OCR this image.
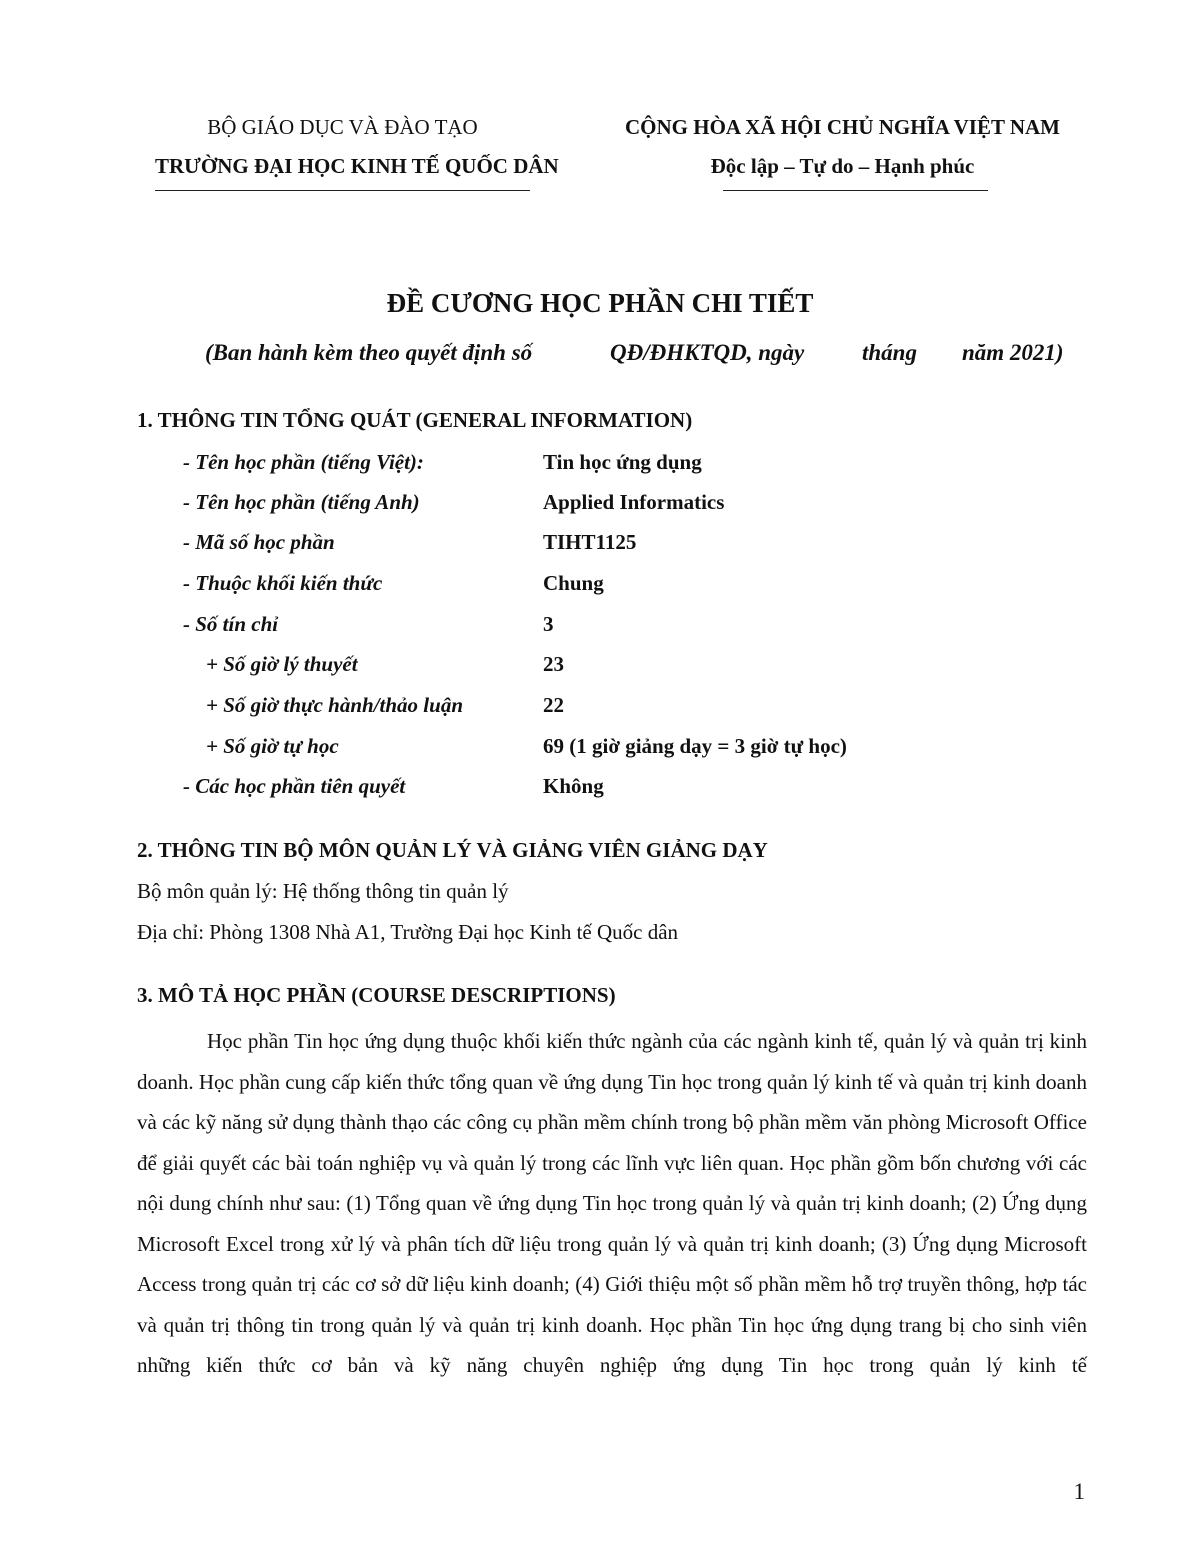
BỘ GIÁO DỤC VÀ ĐÀO TẠO
TRƯỜNG ĐẠI HỌC KINH TẾ QUỐC DÂN
CỘNG HÒA XÃ HỘI CHỦ NGHĨA VIỆT NAM
Độc lập – Tự do – Hạnh phúc
ĐỀ CƯƠNG HỌC PHẦN CHI TIẾT
(Ban hành kèm theo quyết định số	QĐ/ĐHKTQD, ngày	tháng năm 2021)
1. THÔNG TIN TỔNG QUÁT (GENERAL INFORMATION)
- Tên học phần (tiếng Việt):	Tin học ứng dụng
- Tên học phần (tiếng Anh)	Applied Informatics
- Mã số học phần	TIHT1125
- Thuộc khối kiến thức	Chung
- Số tín chỉ	3
+ Số giờ lý thuyết	23
+ Số giờ thực hành/thảo luận	22
+ Số giờ tự học	69 (1 giờ giảng dạy = 3 giờ tự học)
- Các học phần tiên quyết	Không
2. THÔNG TIN BỘ MÔN QUẢN LÝ VÀ GIẢNG VIÊN GIẢNG DẠY
Bộ môn quản lý: Hệ thống thông tin quản lý
Địa chỉ: Phòng 1308 Nhà A1, Trường Đại học Kinh tế Quốc dân
3. MÔ TẢ HỌC PHẦN (COURSE DESCRIPTIONS)

Học phần Tin học ứng dụng thuộc khối kiến thức ngành của các ngành kinh tế, quản lý và quản trị kinh doanh. Học phần cung cấp kiến thức tổng quan về ứng dụng Tin học trong quản lý kinh tế và quản trị kinh doanh và các kỹ năng sử dụng thành thạo các công cụ phần mềm chính trong bộ phần mềm văn phòng Microsoft Office để giải quyết các bài toán nghiệp vụ và quản lý trong các lĩnh vực liên quan. Học phần gồm bốn chương với các nội dung chính như sau: (1) Tổng quan về ứng dụng Tin học trong quản lý và quản trị kinh doanh; (2) Ứng dụng Microsoft Excel trong xử lý và phân tích dữ liệu trong quản lý và quản trị kinh doanh; (3) Ứng dụng Microsoft Access trong quản trị các cơ sở dữ liệu kinh doanh; (4) Giới thiệu một số phần mềm hỗ trợ truyền thông, hợp tác và quản trị thông tin trong quản lý và quản trị kinh doanh. Học phần Tin học ứng dụng trang bị cho sinh viên những kiến thức cơ bản và kỹ năng chuyên nghiệp ứng dụng Tin học trong quản lý kinh tế

1
